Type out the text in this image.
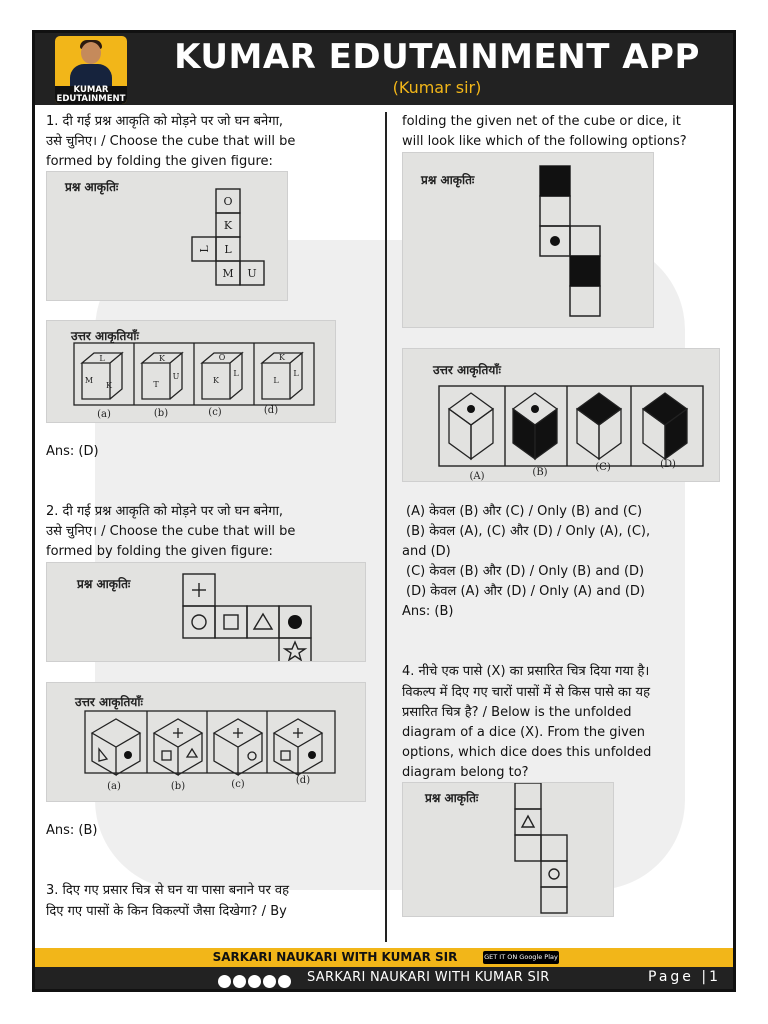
KUMAR
EDUTAINMENT
KUMAR EDUTAINMENT APP
(Kumar sir)
1. दी गई प्रश्न आकृति को मोड़ने पर जो घन बनेगा,
उसे चुनिए। / Choose the cube that will be
formed by folding the given figure:
प्रश्न आकृतिः
O
K
L L
M U
उत्तर आकृतियाँः
L
M
K
K
T
U
O
K
L
K
L
L
(a)	(b)	(c)	(d)
Ans: (D)
2. दी गई प्रश्न आकृति को मोड़ने पर जो घन बनेगा,
उसे चुनिए। / Choose the cube that will be
formed by folding the given figure:
प्रश्न आकृतिः
उत्तर आकृतियाँः
(a)	(b)	(c)	(d)
Ans: (B)
3. दिए गए प्रसार चित्र से घन या पासा बनाने पर वह
दिए गए पासों के किन विकल्पों जैसा दिखेगा? / By
folding the given net of the cube or dice, it
will look like which of the following options?
प्रश्न आकृतिः
उत्तर आकृतियाँः
(A)	(B)	(C)	(D)
(A) केवल (B) और (C) / Only (B) and (C)
(B) केवल (A), (C) और (D) / Only (A), (C),
and (D)
(C) केवल (B) और (D) / Only (B) and (D)
(D) केवल (A) और (D) / Only (A) and (D)
Ans: (B)
4. नीचे एक पासे (X) का प्रसारित चित्र दिया गया है।
विकल्प में दिए गए चारों पासों में से किस पासे का यह
प्रसारित चित्र है? / Below is the unfolded
diagram of a dice (X). From the given
options, which dice does this unfolded
diagram belong to?
प्रश्न आकृतिः
SARKARI NAUKARI WITH KUMAR SIR	GET IT ON Google Play
SARKARI NAUKARI WITH KUMAR SIR	Page |1
